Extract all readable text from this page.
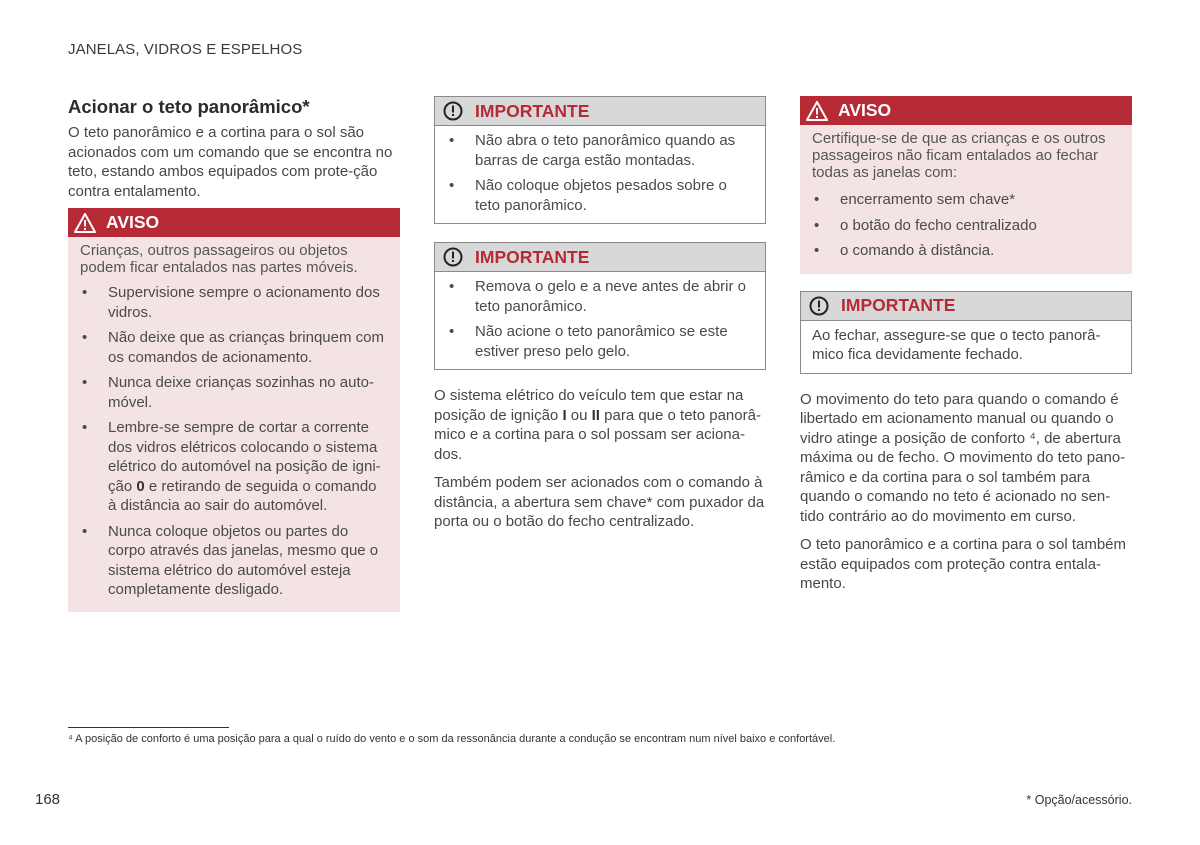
JANELAS, VIDROS E ESPELHOS
Acionar o teto panorâmico*

O teto panorâmico e a cortina para o sol são acionados com um comando que se encontra no teto, estando ambos equipados com prote-ção contra entalamento.

AVISO
Crianças, outros passageiros ou objetos podem ficar entalados nas partes móveis.
• Supervisione sempre o acionamento dos vidros.
• Não deixe que as crianças brinquem com os comandos de acionamento.
• Nunca deixe crianças sozinhas no auto-móvel.
• Lembre-se sempre de cortar a corrente dos vidros elétricos colocando o sistema elétrico do automóvel na posição de igni-ção 0 e retirando de seguida o comando à distância ao sair do automóvel.
• Nunca coloque objetos ou partes do corpo através das janelas, mesmo que o sistema elétrico do automóvel esteja completamente desligado.
IMPORTANTE
• Não abra o teto panorâmico quando as barras de carga estão montadas.
• Não coloque objetos pesados sobre o teto panorâmico.
IMPORTANTE
• Remova o gelo e a neve antes de abrir o teto panorâmico.
• Não acione o teto panorâmico se este estiver preso pelo gelo.

O sistema elétrico do veículo tem que estar na posição de ignição I ou II para que o teto panorâ-mico e a cortina para o sol possam ser aciona-dos.

Também podem ser acionados com o comando à distância, a abertura sem chave* com puxador da porta ou o botão do fecho centralizado.

AVISO
Certifique-se de que as crianças e os outros passageiros não ficam entalados ao fechar todas as janelas com:
• encerramento sem chave*
• o botão do fecho centralizado
• o comando à distância.
IMPORTANTE
Ao fechar, assegure-se que o tecto panorâ-mico fica devidamente fechado.

O movimento do teto para quando o comando é libertado em acionamento manual ou quando o vidro atinge a posição de conforto ⁴, de abertura máxima ou de fecho. O movimento do teto pano-râmico e da cortina para o sol também para quando o comando no teto é acionado no sen-tido contrário ao do movimento em curso.

O teto panorâmico e a cortina para o sol também estão equipados com proteção contra entala-mento.

⁴ A posição de conforto é uma posição para a qual o ruído do vento e o som da ressonância durante a condução se encontram num nível baixo e confortável.
168	* Opção/acessório.
